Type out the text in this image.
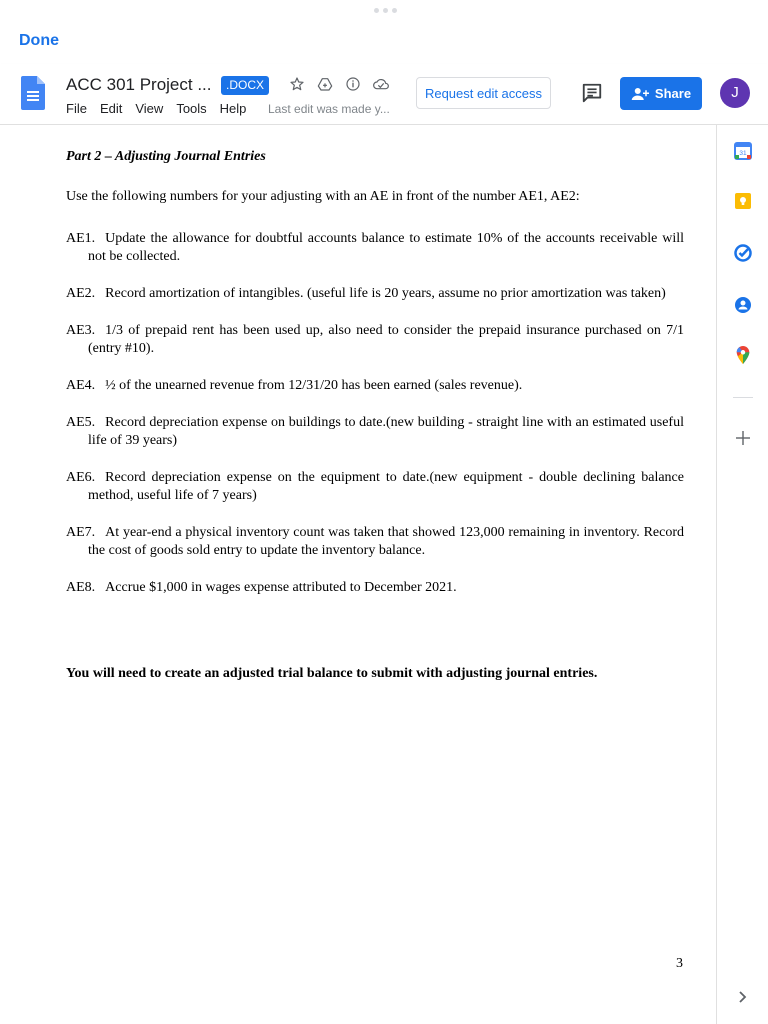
Done
ACC 301 Project ...	.DOCX
File Edit View Tools Help Last edit was made y...
Request edit access	Share	J
31
Part 2 – Adjusting Journal Entries
Use the following numbers for your adjusting with an AE in front of the number AE1, AE2:
AE1. Update the allowance for doubtful accounts balance to estimate 10% of the accounts receivable will not be collected.
AE2. Record amortization of intangibles. (useful life is 20 years, assume no prior amortization was taken)
AE3. 1/3 of prepaid rent has been used up, also need to consider the prepaid insurance purchased on 7/1 (entry #10).
AE4. ½ of the unearned revenue from 12/31/20 has been earned (sales revenue).
AE5. Record depreciation expense on buildings to date.(new building - straight line with an estimated useful life of 39 years)
AE6. Record depreciation expense on the equipment to date.(new equipment - double declining balance method, useful life of 7 years)
AE7. At year-end a physical inventory count was taken that showed 123,000 remaining in inventory. Record the cost of goods sold entry to update the inventory balance.
AE8. Accrue $1,000 in wages expense attributed to December 2021.
You will need to create an adjusted trial balance to submit with adjusting journal entries.
3
